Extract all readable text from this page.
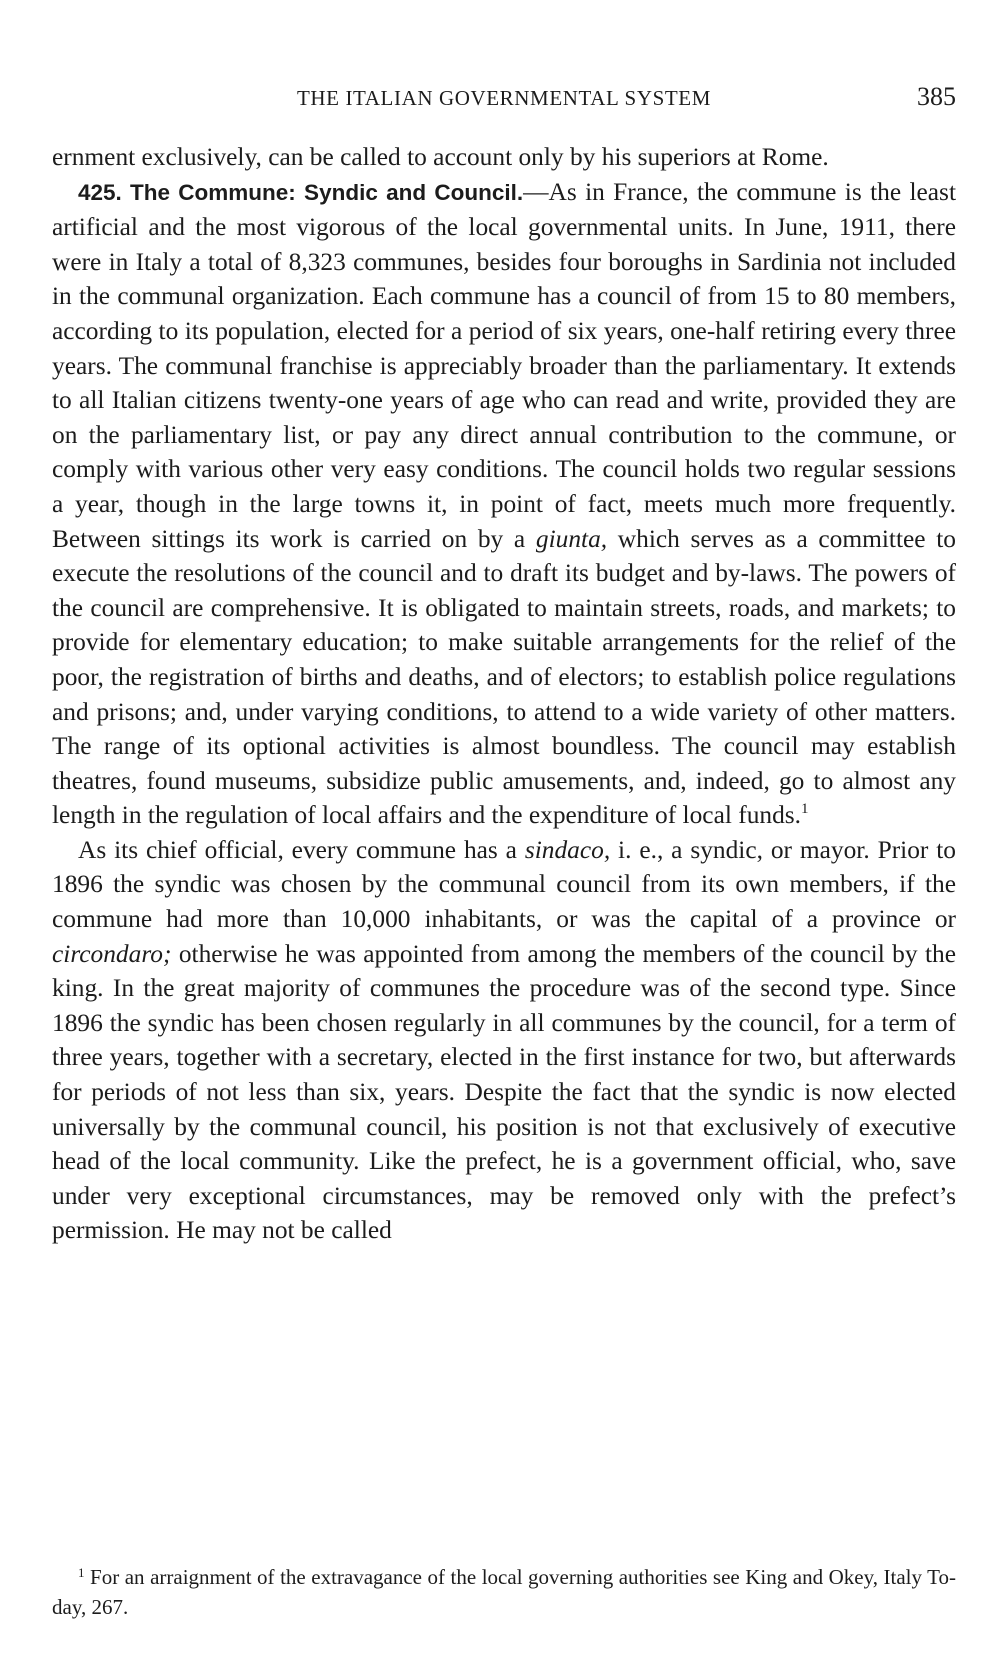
THE ITALIAN GOVERNMENTAL SYSTEM	385

ernment exclusively, can be called to account only by his superiors at Rome.

425. The Commune: Syndic and Council.—As in France, the commune is the least artificial and the most vigorous of the local governmental units. In June, 1911, there were in Italy a total of 8,323 communes, besides four boroughs in Sardinia not included in the communal organization. Each commune has a council of from 15 to 80 members, according to its population, elected for a period of six years, one-half retiring every three years. The communal franchise is appreciably broader than the parliamentary. It extends to all Italian citizens twenty-one years of age who can read and write, provided they are on the parliamentary list, or pay any direct annual contribution to the commune, or comply with various other very easy conditions. The council holds two regular sessions a year, though in the large towns it, in point of fact, meets much more frequently. Between sittings its work is carried on by a giunta, which serves as a committee to execute the resolutions of the council and to draft its budget and by-laws. The powers of the council are comprehensive. It is obligated to maintain streets, roads, and markets; to provide for elementary education; to make suitable arrangements for the relief of the poor, the registration of births and deaths, and of electors; to establish police regulations and prisons; and, under varying conditions, to attend to a wide variety of other matters. The range of its optional activities is almost boundless. The council may establish theatres, found museums, subsidize public amusements, and, indeed, go to almost any length in the regulation of local affairs and the expenditure of local funds.$^1$

As its chief official, every commune has a sindaco, i. e., a syndic, or mayor. Prior to 1896 the syndic was chosen by the communal council from its own members, if the commune had more than 10,000 inhabitants, or was the capital of a province or circondaro; otherwise he was appointed from among the members of the council by the king. In the great majority of communes the procedure was of the second type. Since 1896 the syndic has been chosen regularly in all communes by the council, for a term of three years, together with a secretary, elected in the first instance for two, but afterwards for periods of not less than six, years. Despite the fact that the syndic is now elected universally by the communal council, his position is not that exclusively of executive head of the local community. Like the prefect, he is a government official, who, save under very exceptional circumstances, may be removed only with the prefect’s permission. He may not be called

$^1$ For an arraignment of the extravagance of the local governing authorities see King and Okey, Italy To-day, 267.
